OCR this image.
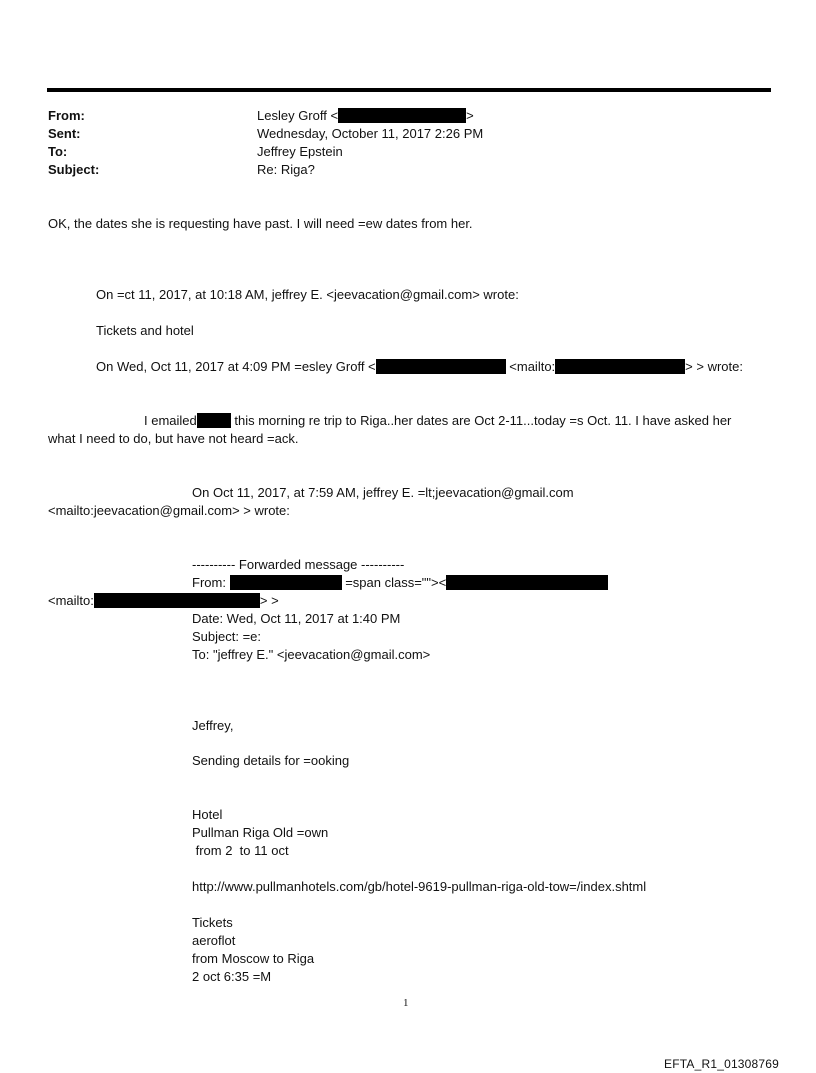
From:	Lesley Groff <	>
Sent:	Wednesday, October 11, 2017 2:26 PM
To:	Jeffrey Epstein
Subject:	Re: Riga?
OK, the dates she is requesting have past. I will need =ew dates from her.
On =ct 11, 2017, at 10:18 AM, jeffrey E. <jeevacation@gmail.com> wrote:
Tickets and hotel
On Wed, Oct 11, 2017 at 4:09 PM =esley Groff <	<mailto:	> > wrote:
I emailed	this morning re trip to Riga..her dates are Oct 2-11...today =s Oct. 11. I have asked her
what I need to do, but have not heard =ack.
On Oct 11, 2017, at 7:59 AM, jeffrey E. =lt;jeevacation@gmail.com
<mailto:jeevacation@gmail.com> > wrote:
---------- Forwarded message ----------
From:	=span class=""><
<mailto:	> >
Date: Wed, Oct 11, 2017 at 1:40 PM
Subject: =e:
To: "jeffrey E." <jeevacation@gmail.com>
Jeffrey,
Sending details for =ooking
Hotel
Pullman Riga Old =own
from 2  to 11 oct
http://www.pullmanhotels.com/gb/hotel-9619-pullman-riga-old-tow=/index.shtml
Tickets
aeroflot
from Moscow to Riga
2 oct 6:35 =M
1
EFTA_R1_01308769
